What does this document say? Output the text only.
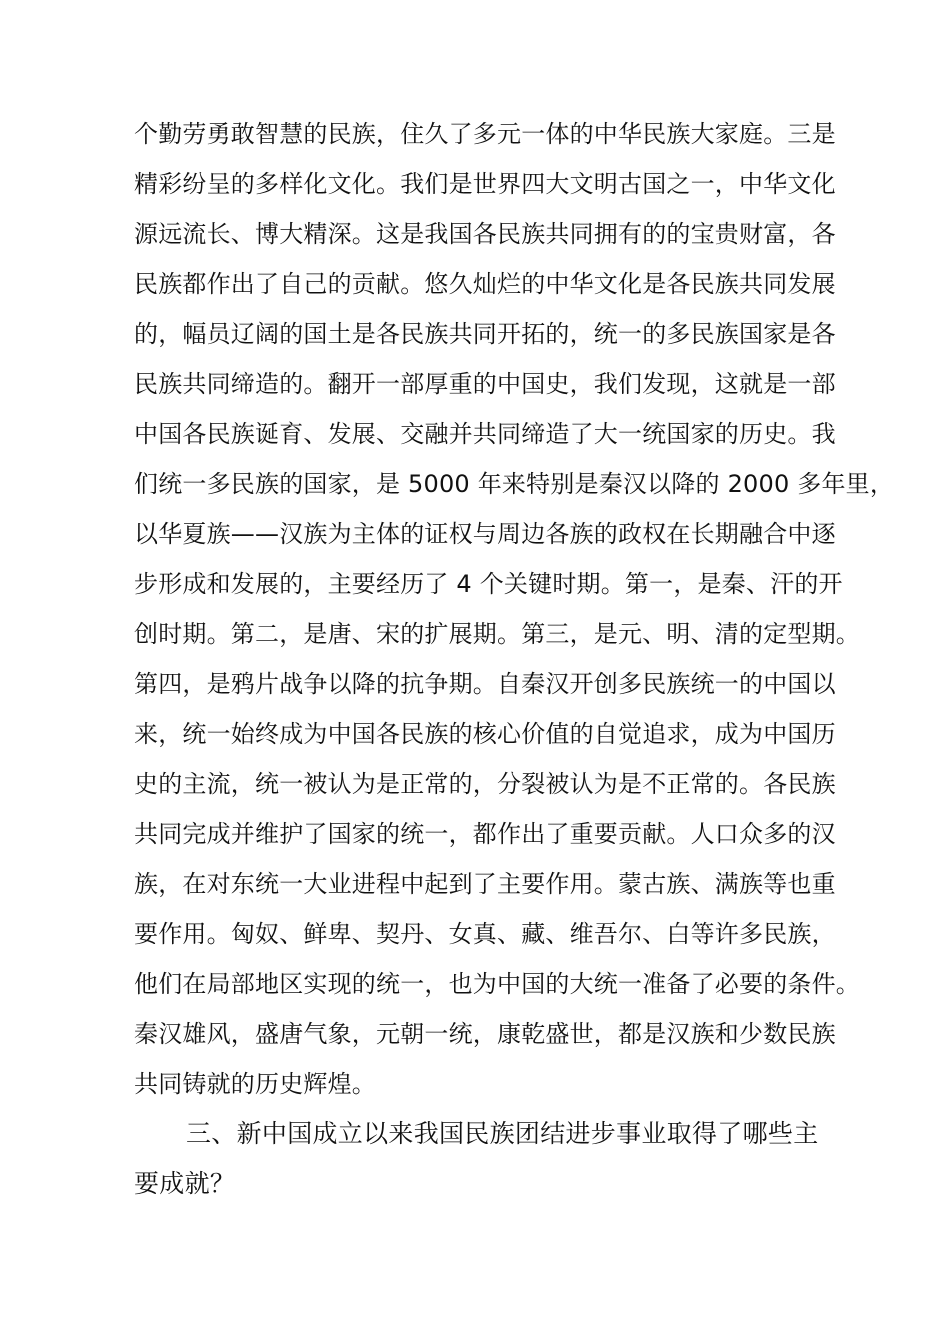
个勤劳勇敢智慧的民族，住久了多元一体的中华民族大家庭。三是
精彩纷呈的多样化文化。我们是世界四大文明古国之一，中华文化
源远流长、博大精深。这是我国各民族共同拥有的的宝贵财富，各
民族都作出了自己的贡献。悠久灿烂的中华文化是各民族共同发展
的，幅员辽阔的国土是各民族共同开拓的，统一的多民族国家是各
民族共同缔造的。翻开一部厚重的中国史，我们发现，这就是一部
中国各民族诞育、发展、交融并共同缔造了大一统国家的历史。我
们统一多民族的国家，是 5000 年来特别是秦汉以降的 2000 多年里，
以华夏族——汉族为主体的证权与周边各族的政权在长期融合中逐
步形成和发展的，主要经历了 4 个关键时期。第一，是秦、汗的开
创时期。第二，是唐、宋的扩展期。第三，是元、明、清的定型期。
第四，是鸦片战争以降的抗争期。自秦汉开创多民族统一的中国以
来，统一始终成为中国各民族的核心价值的自觉追求，成为中国历
史的主流，统一被认为是正常的，分裂被认为是不正常的。各民族
共同完成并维护了国家的统一，都作出了重要贡献。人口众多的汉
族，在对东统一大业进程中起到了主要作用。蒙古族、满族等也重
要作用。匈奴、鲜卑、契丹、女真、藏、维吾尔、白等许多民族，
他们在局部地区实现的统一，也为中国的大统一准备了必要的条件。
秦汉雄风，盛唐气象，元朝一统，康乾盛世，都是汉族和少数民族
共同铸就的历史辉煌。
三、新中国成立以来我国民族团结进步事业取得了哪些主
要成就？
